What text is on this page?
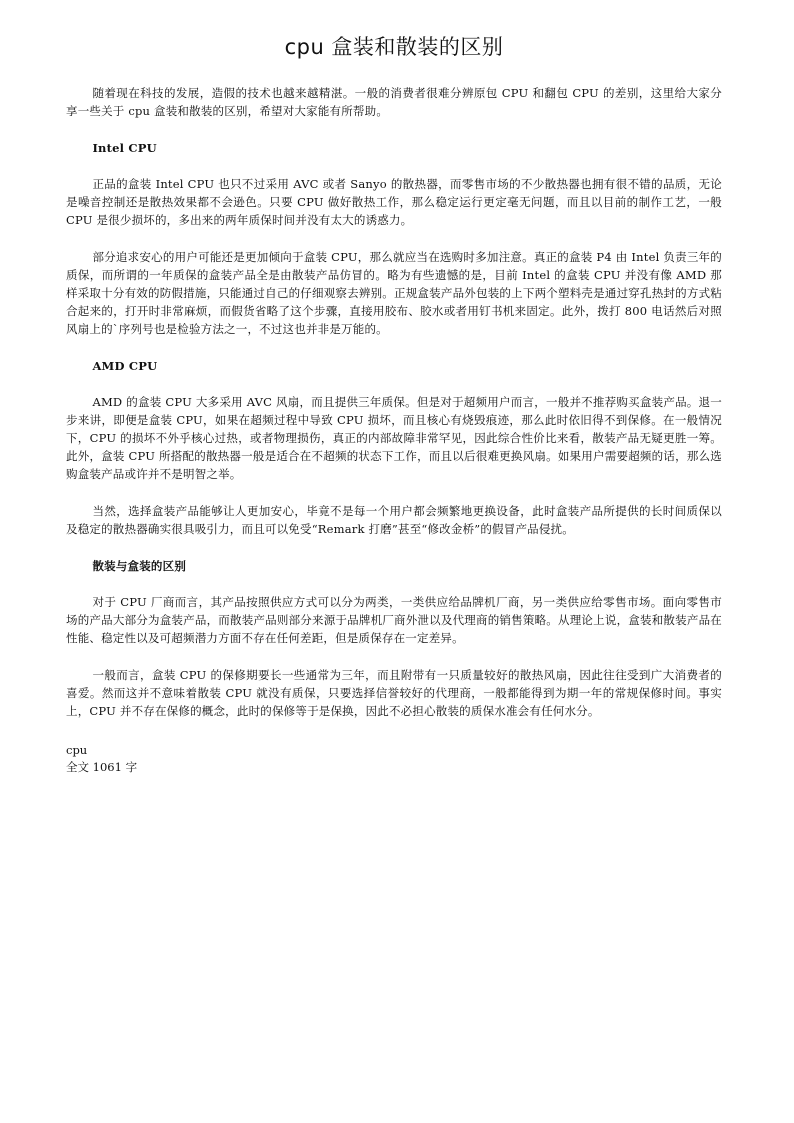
cpu 盒装和散装的区别

随着现在科技的发展，造假的技术也越来越精湛。一般的消费者很难分辨原包 CPU 和翻包 CPU 的差别，这里给大家分享一些关于 cpu 盒装和散装的区别，希望对大家能有所帮助。

Intel CPU

正品的盒装 Intel CPU 也只不过采用 AVC 或者 Sanyo 的散热器，而零售市场的不少散热器也拥有很不错的品质，无论是噪音控制还是散热效果都不会逊色。只要 CPU 做好散热工作，那么稳定运行更定毫无问题，而且以目前的制作工艺，一般 CPU 是很少损坏的，多出来的两年质保时间并没有太大的诱惑力。

部分追求安心的用户可能还是更加倾向于盒装 CPU，那么就应当在选购时多加注意。真正的盒装 P4 由 Intel 负责三年的质保，而所谓的一年质保的盒装产品全是由散装产品仿冒的。略为有些遗憾的是，目前 Intel 的盒装 CPU 并没有像 AMD 那样采取十分有效的防假措施，只能通过自己的仔细观察去辨别。正规盒装产品外包装的上下两个塑料壳是通过穿孔热封的方式粘合起来的，打开时非常麻烦，而假货省略了这个步骤，直接用胶布、胶水或者用钉书机来固定。此外，拨打 800 电话然后对照风扇上的`序列号也是检验方法之一，不过这也并非是万能的。

AMD CPU

AMD 的盒装 CPU 大多采用 AVC 风扇，而且提供三年质保。但是对于超频用户而言，一般并不推荐购买盒装产品。退一步来讲，即便是盒装 CPU，如果在超频过程中导致 CPU 损坏，而且核心有烧毁痕迹，那么此时依旧得不到保修。在一般情况下，CPU 的损坏不外乎核心过热，或者物理损伤，真正的内部故障非常罕见，因此综合性价比来看，散装产品无疑更胜一筹。此外，盒装 CPU 所搭配的散热器一般是适合在不超频的状态下工作，而且以后很难更换风扇。如果用户需要超频的话，那么选购盒装产品或许并不是明智之举。

当然，选择盒装产品能够让人更加安心，毕竟不是每一个用户都会频繁地更换设备，此时盒装产品所提供的长时间质保以及稳定的散热器确实很具吸引力，而且可以免受“Remark 打磨”甚至“修改金桥”的假冒产品侵扰。

散装与盒装的区别

对于 CPU 厂商而言，其产品按照供应方式可以分为两类，一类供应给品牌机厂商，另一类供应给零售市场。面向零售市场的产品大部分为盒装产品，而散装产品则部分来源于品牌机厂商外泄以及代理商的销售策略。从理论上说，盒装和散装产品在性能、稳定性以及可超频潜力方面不存在任何差距，但是质保存在一定差异。

一般而言，盒装 CPU 的保修期要长一些通常为三年，而且附带有一只质量较好的散热风扇，因此往往受到广大消费者的喜爱。然而这并不意味着散装 CPU 就没有质保，只要选择信誉较好的代理商，一般都能得到为期一年的常规保修时间。事实上，CPU 并不存在保修的概念，此时的保修等于是保换，因此不必担心散装的质保水准会有任何水分。

cpu
全文 1061 字
